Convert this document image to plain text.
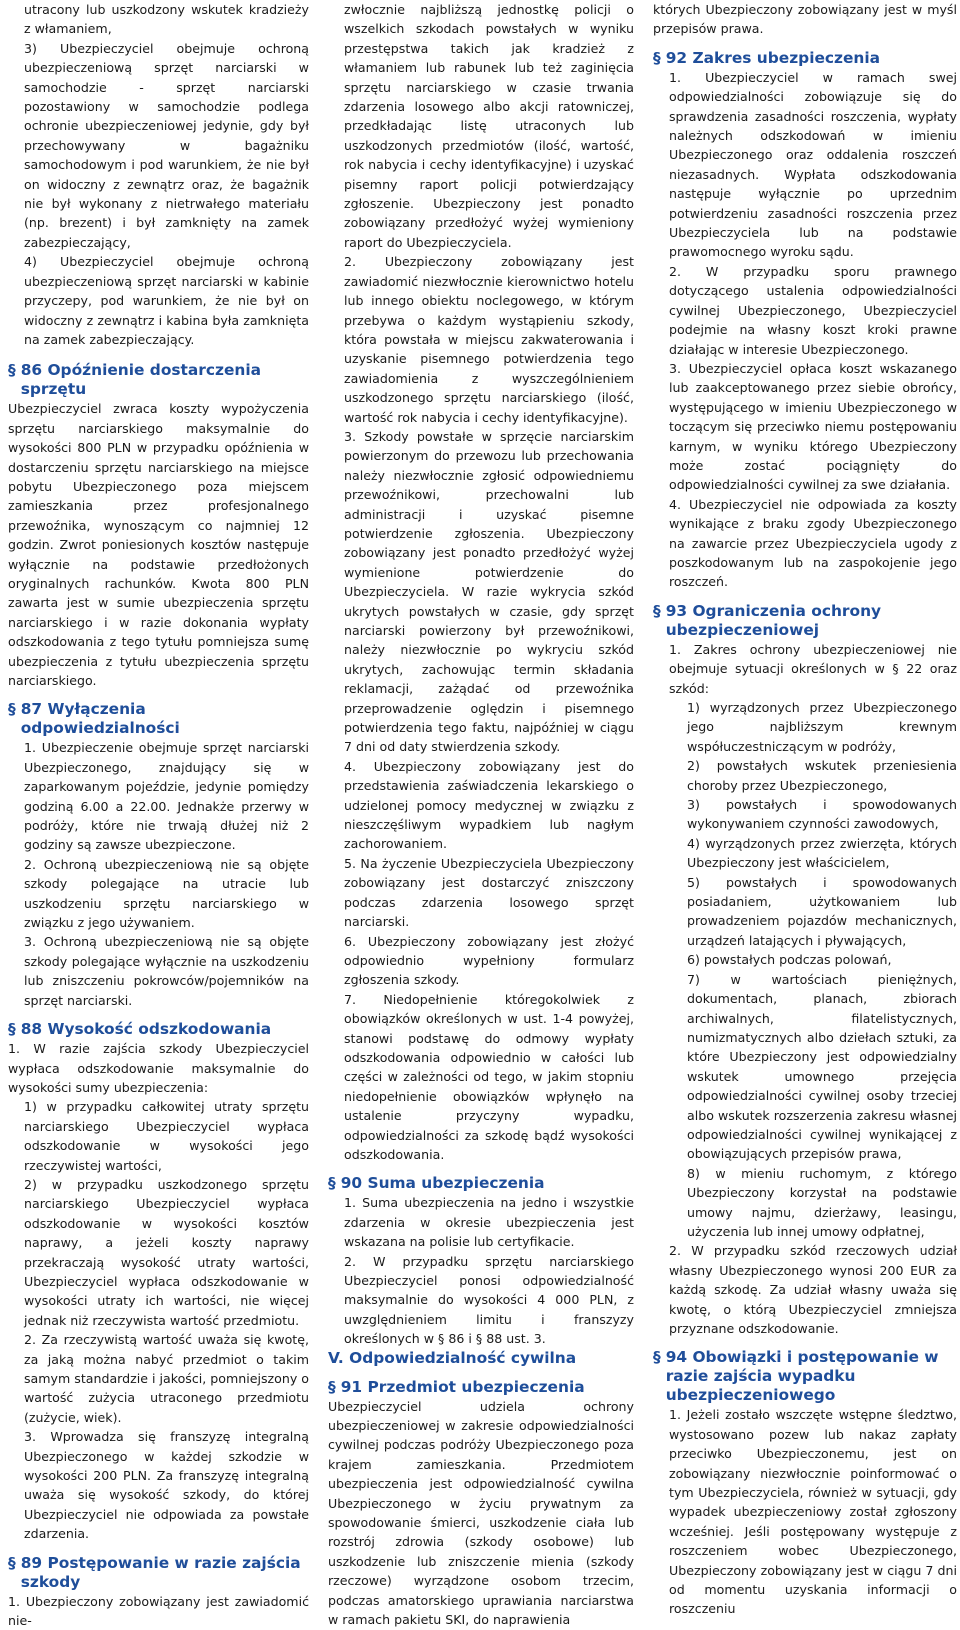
utracony lub uszkodzony wskutek kradzieży z włamaniem,

3) Ubezpieczyciel obejmuje ochroną ubezpieczeniową sprzęt narciarski w samochodzie - sprzęt narciarski pozostawiony w samochodzie podlega ochronie ubezpieczeniowej jedynie, gdy był przechowywany w bagażniku samochodowym i pod warunkiem, że nie był on widoczny z zewnątrz oraz, że bagażnik nie był wykonany z nietrwałego materiału (np. brezent) i był zamknięty na zamek zabezpieczający,

4) Ubezpieczyciel obejmuje ochroną ubezpieczeniową sprzęt narciarski w kabinie przyczepy, pod warunkiem, że nie był on widoczny z zewnątrz i kabina była zamknięta na zamek zabezpieczający.

§ 86 Opóźnienie dostarczenia sprzętu

Ubezpieczyciel zwraca koszty wypożyczenia sprzętu narciarskiego maksymalnie do wysokości 800 PLN w przypadku opóźnienia w dostarczeniu sprzętu narciarskiego na miejsce pobytu Ubezpieczonego poza miejscem zamieszkania przez profesjonalnego przewoźnika, wynoszącym co najmniej 12 godzin. Zwrot poniesionych kosztów następuje wyłącznie na podstawie przedłożonych oryginalnych rachunków. Kwota 800 PLN zawarta jest w sumie ubezpieczenia sprzętu narciarskiego i w razie dokonania wypłaty odszkodowania z tego tytułu pomniejsza sumę ubezpieczenia z tytułu ubezpieczenia sprzętu narciarskiego.

§ 87 Wyłączenia odpowiedzialności

1. Ubezpieczenie obejmuje sprzęt narciarski Ubezpieczonego, znajdujący się w zaparkowanym pojeździe, jedynie pomiędzy godziną 6.00 a 22.00. Jednakże przerwy w podróży, które nie trwają dłużej niż 2 godziny są zawsze ubezpieczone.

2. Ochroną ubezpieczeniową nie są objęte szkody polegające na utracie lub uszkodzeniu sprzętu narciarskiego w związku z jego używaniem.

3. Ochroną ubezpieczeniową nie są objęte szkody polegające wyłącznie na uszkodzeniu lub zniszczeniu pokrowców/pojemników na sprzęt narciarski.

§ 88 Wysokość odszkodowania

1. W razie zajścia szkody Ubezpieczyciel wypłaca odszkodowanie maksymalnie do wysokości sumy ubezpieczenia:

1) w przypadku całkowitej utraty sprzętu narciarskiego Ubezpieczyciel wypłaca odszkodowanie w wysokości jego rzeczywistej wartości,

2) w przypadku uszkodzonego sprzętu narciarskiego Ubezpieczyciel wypłaca odszkodowanie w wysokości kosztów naprawy, a jeżeli koszty naprawy przekraczają wysokość utraty wartości, Ubezpieczyciel wypłaca odszkodowanie w wysokości utraty ich wartości, nie więcej jednak niż rzeczywista wartość przedmiotu.

2. Za rzeczywistą wartość uważa się kwotę, za jaką można nabyć przedmiot o takim samym standardzie i jakości, pomniejszony o wartość zużycia utraconego przedmiotu (zużycie, wiek).

3. Wprowadza się franszyzę integralną Ubezpieczonego w każdej szkodzie w wysokości 200 PLN. Za franszyzę integralną uważa się wysokość szkody, do której Ubezpieczyciel nie odpowiada za powstałe zdarzenia.

§ 89 Postępowanie w razie zajścia szkody

1. Ubezpieczony zobowiązany jest zawiadomić nie-

zwłocznie najbliższą jednostkę policji o wszelkich szkodach powstałych w wyniku przestępstwa takich jak kradzież z włamaniem lub rabunek lub też zaginięcia sprzętu narciarskiego w czasie trwania zdarzenia losowego albo akcji ratowniczej, przedkładając listę utraconych lub uszkodzonych przedmiotów (ilość, wartość, rok nabycia i cechy identyfikacyjne) i uzyskać pisemny raport policji potwierdzający zgłoszenie. Ubezpieczony jest ponadto zobowiązany przedłożyć wyżej wymieniony raport do Ubezpieczyciela.

2. Ubezpieczony zobowiązany jest zawiadomić niezwłocznie kierownictwo hotelu lub innego obiektu noclegowego, w którym przebywa o każdym wystąpieniu szkody, która powstała w miejscu zakwaterowania i uzyskanie pisemnego potwierdzenia tego zawiadomienia z wyszczególnieniem uszkodzonego sprzętu narciarskiego (ilość, wartość rok nabycia i cechy identyfikacyjne).

3. Szkody powstałe w sprzęcie narciarskim powierzonym do przewozu lub przechowania należy niezwłocznie zgłosić odpowiedniemu przewoźnikowi, przechowalni lub administracji i uzyskać pisemne potwierdzenie zgłoszenia. Ubezpieczony zobowiązany jest ponadto przedłożyć wyżej wymienione potwierdzenie do Ubezpieczyciela. W razie wykrycia szkód ukrytych powstałych w czasie, gdy sprzęt narciarski powierzony był przewoźnikowi, należy niezwłocznie po wykryciu szkód ukrytych, zachowując termin składania reklamacji, zażądać od przewoźnika przeprowadzenie oględzin i pisemnego potwierdzenia tego faktu, najpóźniej w ciągu 7 dni od daty stwierdzenia szkody.

4. Ubezpieczony zobowiązany jest do przedstawienia zaświadczenia lekarskiego o udzielonej pomocy medycznej w związku z nieszczęśliwym wypadkiem lub nagłym zachorowaniem.

5. Na życzenie Ubezpieczyciela Ubezpieczony zobowiązany jest dostarczyć zniszczony podczas zdarzenia losowego sprzęt narciarski.

6. Ubezpieczony zobowiązany jest złożyć odpowiednio wypełniony formularz zgłoszenia szkody.

7. Niedopełnienie któregokolwiek z obowiązków określonych w ust. 1-4 powyżej, stanowi podstawę do odmowy wypłaty odszkodowania odpowiednio w całości lub części w zależności od tego, w jakim stopniu niedopełnienie obowiązków wpłynęło na ustalenie przyczyny wypadku, odpowiedzialności za szkodę bądź wysokości odszkodowania.

§ 90 Suma ubezpieczenia

1. Suma ubezpieczenia na jedno i wszystkie zdarzenia w okresie ubezpieczenia jest wskazana na polisie lub certyfikacie.

2. W przypadku sprzętu narciarskiego Ubezpieczyciel ponosi odpowiedzialność maksymalnie do wysokości 4 000 PLN, z uwzględnieniem limitu i franszyzy określonych w § 86 i § 88 ust. 3.

V. Odpowiedzialność cywilna
§ 91 Przedmiot ubezpieczenia

Ubezpieczyciel udziela ochrony ubezpieczeniowej w zakresie odpowiedzialności cywilnej podczas podróży Ubezpieczonego poza krajem zamieszkania. Przedmiotem ubezpieczenia jest odpowiedzialność cywilna Ubezpieczonego w życiu prywatnym za spowodowanie śmierci, uszkodzenie ciała lub rozstrój zdrowia (szkody osobowe) lub uszkodzenie lub zniszczenie mienia (szkody rzeczowe) wyrządzone osobom trzecim, podczas amatorskiego uprawiania narciarstwa w ramach pakietu SKI, do naprawienia

których Ubezpieczony zobowiązany jest w myśl przepisów prawa.

§ 92 Zakres ubezpieczenia

1. Ubezpieczyciel w ramach swej odpowiedzialności zobowiązuje się do sprawdzenia zasadności roszczenia, wypłaty należnych odszkodowań w imieniu Ubezpieczonego oraz oddalenia roszczeń niezasadnych. Wypłata odszkodowania następuje wyłącznie po uprzednim potwierdzeniu zasadności roszczenia przez Ubezpieczyciela lub na podstawie prawomocnego wyroku sądu.

2. W przypadku sporu prawnego dotyczącego ustalenia odpowiedzialności cywilnej Ubezpieczonego, Ubezpieczyciel podejmie na własny koszt kroki prawne działając w interesie Ubezpieczonego.

3. Ubezpieczyciel opłaca koszt wskazanego lub zaakceptowanego przez siebie obrońcy, występującego w imieniu Ubezpieczonego w toczącym się przeciwko niemu postępowaniu karnym, w wyniku którego Ubezpieczony może zostać pociągnięty do odpowiedzialności cywilnej za swe działania.

4. Ubezpieczyciel nie odpowiada za koszty wynikające z braku zgody Ubezpieczonego na zawarcie przez Ubezpieczyciela ugody z poszkodowanym lub na zaspokojenie jego roszczeń.

§ 93 Ograniczenia ochrony ubezpieczeniowej

1. Zakres ochrony ubezpieczeniowej nie obejmuje sytuacji określonych w § 22 oraz szkód:

1) wyrządzonych przez Ubezpieczonego jego najbliższym krewnym współuczestniczącym w podróży,

2) powstałych wskutek przeniesienia choroby przez Ubezpieczonego,

3) powstałych i spowodowanych wykonywaniem czynności zawodowych,

4) wyrządzonych przez zwierzęta, których Ubezpieczony jest właścicielem,

5) powstałych i spowodowanych posiadaniem, użytkowaniem lub prowadzeniem pojazdów mechanicznych, urządzeń latających i pływających,

6) powstałych podczas polowań,

7) w wartościach pieniężnych, dokumentach, planach, zbiorach archiwalnych, filatelistycznych, numizmatycznych albo dziełach sztuki, za które Ubezpieczony jest odpowiedzialny wskutek umownego przejęcia odpowiedzialności cywilnej osoby trzeciej albo wskutek rozszerzenia zakresu własnej odpowiedzialności cywilnej wynikającej z obowiązujących przepisów prawa,

8) w mieniu ruchomym, z którego Ubezpieczony korzystał na podstawie umowy najmu, dzierżawy, leasingu, użyczenia lub innej umowy odpłatnej,

2. W przypadku szkód rzeczowych udział własny Ubezpieczonego wynosi 200 EUR za każdą szkodę. Za udział własny uważa się kwotę, o którą Ubezpieczyciel zmniejsza przyznane odszkodowanie.

§ 94 Obowiązki i postępowanie w razie zajścia wypadku ubezpieczeniowego

1. Jeżeli zostało wszczęte wstępne śledztwo, wystosowano pozew lub nakaz zapłaty przeciwko Ubezpieczonemu, jest on zobowiązany niezwłocznie poinformować o tym Ubezpieczyciela, również w sytuacji, gdy wypadek ubezpieczeniowy został zgłoszony wcześniej. Jeśli postępowany występuje z roszczeniem wobec Ubezpieczonego, Ubezpieczony zobowiązany jest w ciągu 7 dni od momentu uzyskania informacji o roszczeniu
